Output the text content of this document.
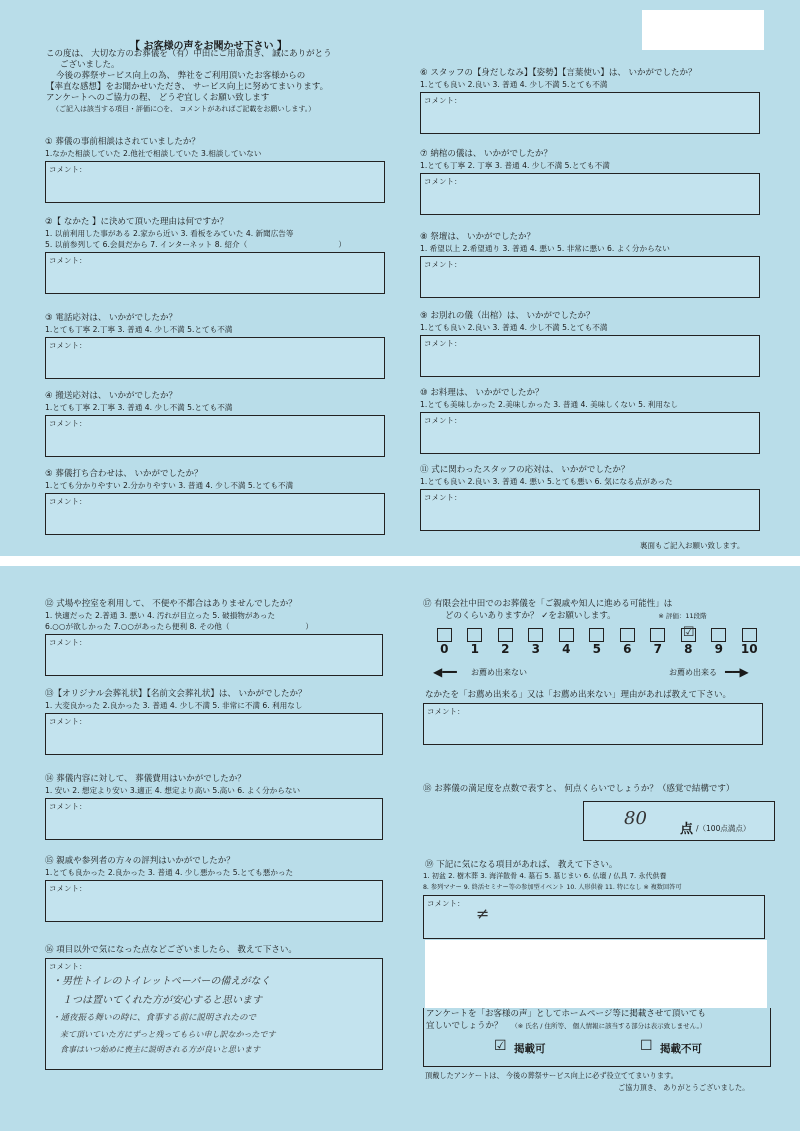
【 お客様の声をお聞かせ下さい 】
この度は、 大切な方のお葬儀を（有）中田にご用命頂き、 誠にありがとう
ございました。
今後の葬祭サービス向上の為、 弊社をご利用頂いたお客様からの
【率直な感想】をお聞かせいただき、 サービス向上に努めてまいります。
アンケートへのご協力の程、 どうぞ宜しくお願い致します
（ご記入は該当する項目・評価に○を、 コメントがあればご記載をお願いします。）
① 葬儀の事前相談はされていましたか？
1.なかた相談していた 2.他社で相談していた 3.相談していない
コメント：
②【 なかた 】に決めて頂いた理由は何ですか？
1. 以前利用した事がある 2.家から近い 3. 看板をみていた 4. 新聞広告等
5. 以前参列して 6.会員だから 7. インターネット 8. 紹介（　　　　　　　　　　　　）
コメント：
③ 電話応対は、 いかがでしたか？
1.とても丁寧 2.丁寧 3. 普通 4. 少し不満 5.とても不満
コメント：
④ 搬送応対は、 いかがでしたか？
1.とても丁寧 2.丁寧 3. 普通 4. 少し不満 5.とても不満
コメント：
⑤ 葬儀打ち合わせは、 いかがでしたか？
1.とても分かりやすい 2.分かりやすい 3. 普通 4. 少し不満 5.とても不満
コメント：
⑥ スタッフの【身だしなみ】【姿勢】【言葉使い】は、 いかがでしたか？
1.とても良い 2.良い 3. 普通 4. 少し不満 5.とても不満
コメント：
⑦ 納棺の儀は、 いかがでしたか？
1.とても丁寧 2. 丁寧 3. 普通 4. 少し不満 5.とても不満
コメント：
⑧ 祭壇は、 いかがでしたか？
1. 希望以上 2.希望通り 3. 普通 4. 悪い 5. 非常に悪い 6. よく分からない
コメント：
⑨ お別れの儀（出棺）は、 いかがでしたか？
1.とても良い 2.良い 3. 普通 4. 少し不満 5.とても不満
コメント：
⑩ お料理は、 いかがでしたか？
1.とても美味しかった 2.美味しかった 3. 普通 4. 美味しくない 5. 利用なし
コメント：
⑪ 式に関わったスタッフの応対は、 いかがでしたか？
1.とても良い 2.良い 3. 普通 4. 悪い 5.とても悪い 6. 気になる点があった
コメント：
裏面もご記入お願い致します。
⑫ 式場や控室を利用して、 不便や不都合はありませんでしたか？
1. 快適だった 2.普通 3. 悪い 4. 汚れが目立った 5. 破損物があった
6.○○が欲しかった 7.○○があったら便利 8. その他（　　　　　　　　　　）
コメント：
⑬【オリジナル会葬礼状】【名前文会葬礼状】は、 いかがでしたか？
1. 大変良かった 2.良かった 3. 普通 4. 少し不満 5. 非常に不満 6. 利用なし
コメント：
⑭ 葬儀内容に対して、 葬儀費用はいかがでしたか？
1. 安い 2. 想定より安い 3.適正 4. 想定より高い 5.高い 6. よく分からない
コメント：
⑮ 親戚や参列者の方々の評判はいかがでしたか？
1.とても良かった 2.良かった 3. 普通 4. 少し悪かった 5.とても悪かった
コメント：
⑯ 項目以外で気になった点などございましたら、 教えて下さい。
コメント：
・男性トイレのトイレットペーパーの備えがなく
　１つは置いてくれた方が安心すると思います
・通夜振る舞いの時に、食事する前に説明されたので
　来て頂いていた方にずっと残ってもらい申し訳なかったです
　食事はいつ始めに喪主に説明される方が良いと思います
⑰ 有限会社中田でのお葬儀を「ご親戚や知人に進める可能性」は
どのくらいありますか？ ✓をお願いします。	※ 評価：11段階
0	1	2	3	4	5	6	7
☑
8	9	10
◀━━ お薦め出来ない	お薦め出来る ━━▶
なかたを「お薦め出来る」又は「お薦め出来ない」理由があれば教えて下さい。
コメント：
⑱ お葬儀の満足度を点数で表すと、 何点くらいでしょうか？（感覚で結構です）
80
点 /（100点満点）
⑲ 下記に気になる項目があれば、 教えて下さい。
1. 初盆 2. 樹木葬 3. 海洋散骨 4. 墓石 5. 墓じまい 6. 仏壇 / 仏具 7. 永代供養
8. 参列マナー 9. 終活セミナー等の参加型イベント 10. 人形供養 11. 特になし ※ 複数回答可
コメント：
≠
アンケートを「お客様の声」としてホームページ等に掲載させて頂いても
宜しいでしょうか？ （※ 氏名 / 住所等、 個人情報に該当する部分は表示致しません。）
☑ 掲載可	☐ 掲載不可
頂戴したアンケートは、 今後の葬祭サービス向上に必ず役立ててまいります。
ご協力頂き、 ありがとうございました。
